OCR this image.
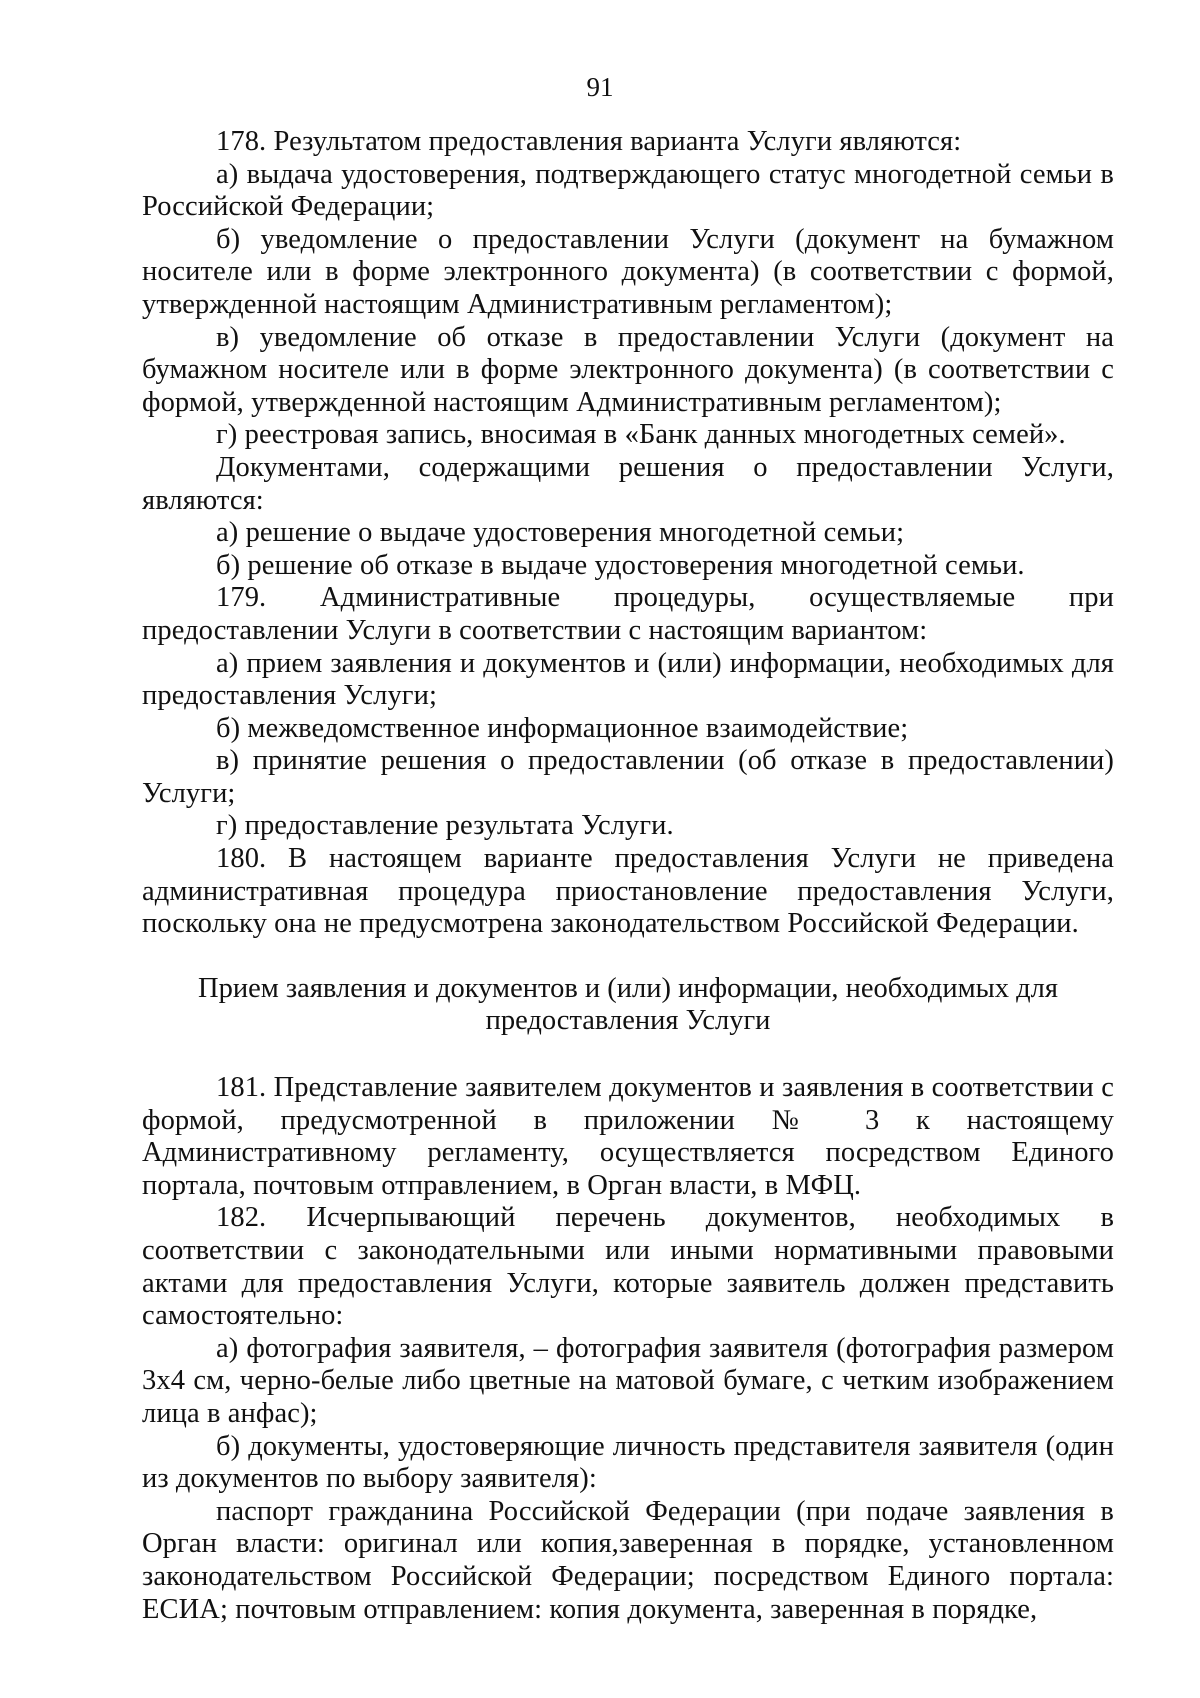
91

178. Результатом предоставления варианта Услуги являются:

а) выдача удостоверения, подтверждающего статус многодетной семьи в Российской Федерации;

б) уведомление о предоставлении Услуги (документ на бумажном носителе или в форме электронного документа) (в соответствии с формой, утвержденной настоящим Административным регламентом);

в) уведомление об отказе в предоставлении Услуги (документ на бумажном носителе или в форме электронного документа) (в соответствии с формой, утвержденной настоящим Административным регламентом);

г) реестровая запись, вносимая в «Банк данных многодетных семей».

Документами, содержащими решения о предоставлении Услуги, являются:

а) решение о выдаче удостоверения многодетной семьи;

б) решение об отказе в выдаче удостоверения многодетной семьи.

179. Административные процедуры, осуществляемые при предоставлении Услуги в соответствии с настоящим вариантом:

а) прием заявления и документов и (или) информации, необходимых для предоставления Услуги;

б) межведомственное информационное взаимодействие;

в) принятие решения о предоставлении (об отказе в предоставлении) Услуги;

г) предоставление результата Услуги.

180. В настоящем варианте предоставления Услуги не приведена административная процедура приостановление предоставления Услуги, поскольку она не предусмотрена законодательством Российской Федерации.

Прием заявления и документов и (или) информации, необходимых для предоставления Услуги

181. Представление заявителем документов и заявления в соответствии с формой, предусмотренной в приложении № 3 к настоящему Административному регламенту, осуществляется посредством Единого портала, почтовым отправлением, в Орган власти, в МФЦ.

182. Исчерпывающий перечень документов, необходимых в соответствии с законодательными или иными нормативными правовыми актами для предоставления Услуги, которые заявитель должен представить самостоятельно:

а) фотография заявителя, – фотография заявителя (фотография размером 3х4 см, черно-белые либо цветные на матовой бумаге, с четким изображением лица в анфас);

б) документы, удостоверяющие личность представителя заявителя (один из документов по выбору заявителя):

паспорт гражданина Российской Федерации (при подаче заявления в Орган власти: оригинал или копия,заверенная в порядке, установленном законодательством Российской Федерации; посредством Единого портала: ЕСИА; почтовым отправлением: копия документа, заверенная в порядке,
